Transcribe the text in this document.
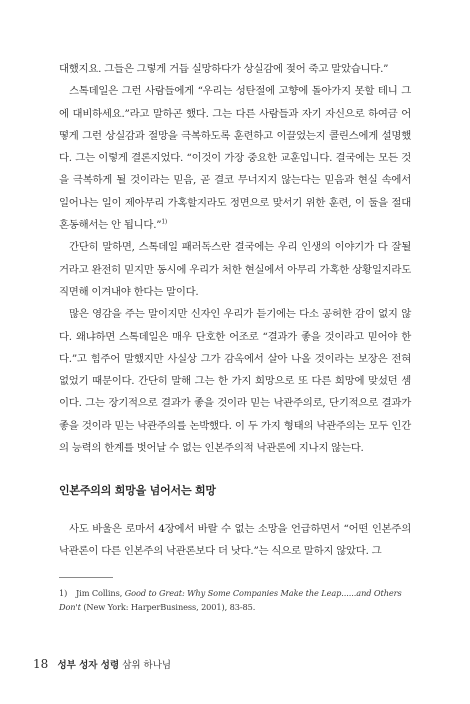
대했지요. 그들은 그렇게 거듭 실망하다가 상실감에 젖어 죽고 말았습니다.”

스톡데일은 그런 사람들에게 “우리는 성탄절에 고향에 돌아가지 못할 테니 그에 대비하세요.”라고 말하곤 했다. 그는 다른 사람들과 자기 자신으로 하여금 어떻게 그런 상실감과 절망을 극복하도록 훈련하고 이끌었는지 콜린스에게 설명했다. 그는 이렇게 결론지었다. “이것이 가장 중요한 교훈입니다. 결국에는 모든 것을 극복하게 될 것이라는 믿음, 곧 결코 무너지지 않는다는 믿음과 현실 속에서 일어나는 일이 제아무리 가혹할지라도 정면으로 맞서기 위한 훈련, 이 둘을 절대 혼동해서는 안 됩니다.”$^{1)}$

간단히 말하면, 스톡데일 패러독스란 결국에는 우리 인생의 이야기가 다 잘될 거라고 완전히 믿지만 동시에 우리가 처한 현실에서 아무리 가혹한 상황일지라도 직면해 이겨내야 한다는 말이다.

많은 영감을 주는 말이지만 신자인 우리가 듣기에는 다소 공허한 감이 없지 않다. 왜냐하면 스톡데일은 매우 단호한 어조로 “결과가 좋을 것이라고 믿어야 한다.”고 힘주어 말했지만 사실상 그가 감옥에서 살아 나올 것이라는 보장은 전혀 없었기 때문이다. 간단히 말해 그는 한 가지 희망으로 또 다른 희망에 맞섰던 셈이다. 그는 장기적으로 결과가 좋을 것이라 믿는 낙관주의로, 단기적으로 결과가 좋을 것이라 믿는 낙관주의를 논박했다. 이 두 가지 형태의 낙관주의는 모두 인간의 능력의 한계를 벗어날 수 없는 인본주의적 낙관론에 지나지 않는다.

인본주의의 희망을 넘어서는 희망

사도 바울은 로마서 4장에서 바랄 수 없는 소망을 언급하면서 “어떤 인본주의 낙관론이 다른 인본주의 낙관론보다 더 낫다.”는 식으로 말하지 않았다. 그

1) Jim Collins, Good to Great: Why Some Companies Make the Leap......and Others Don't (New York: HarperBusiness, 2001), 83-85.
18 성부 성자 성령 삼위 하나님
